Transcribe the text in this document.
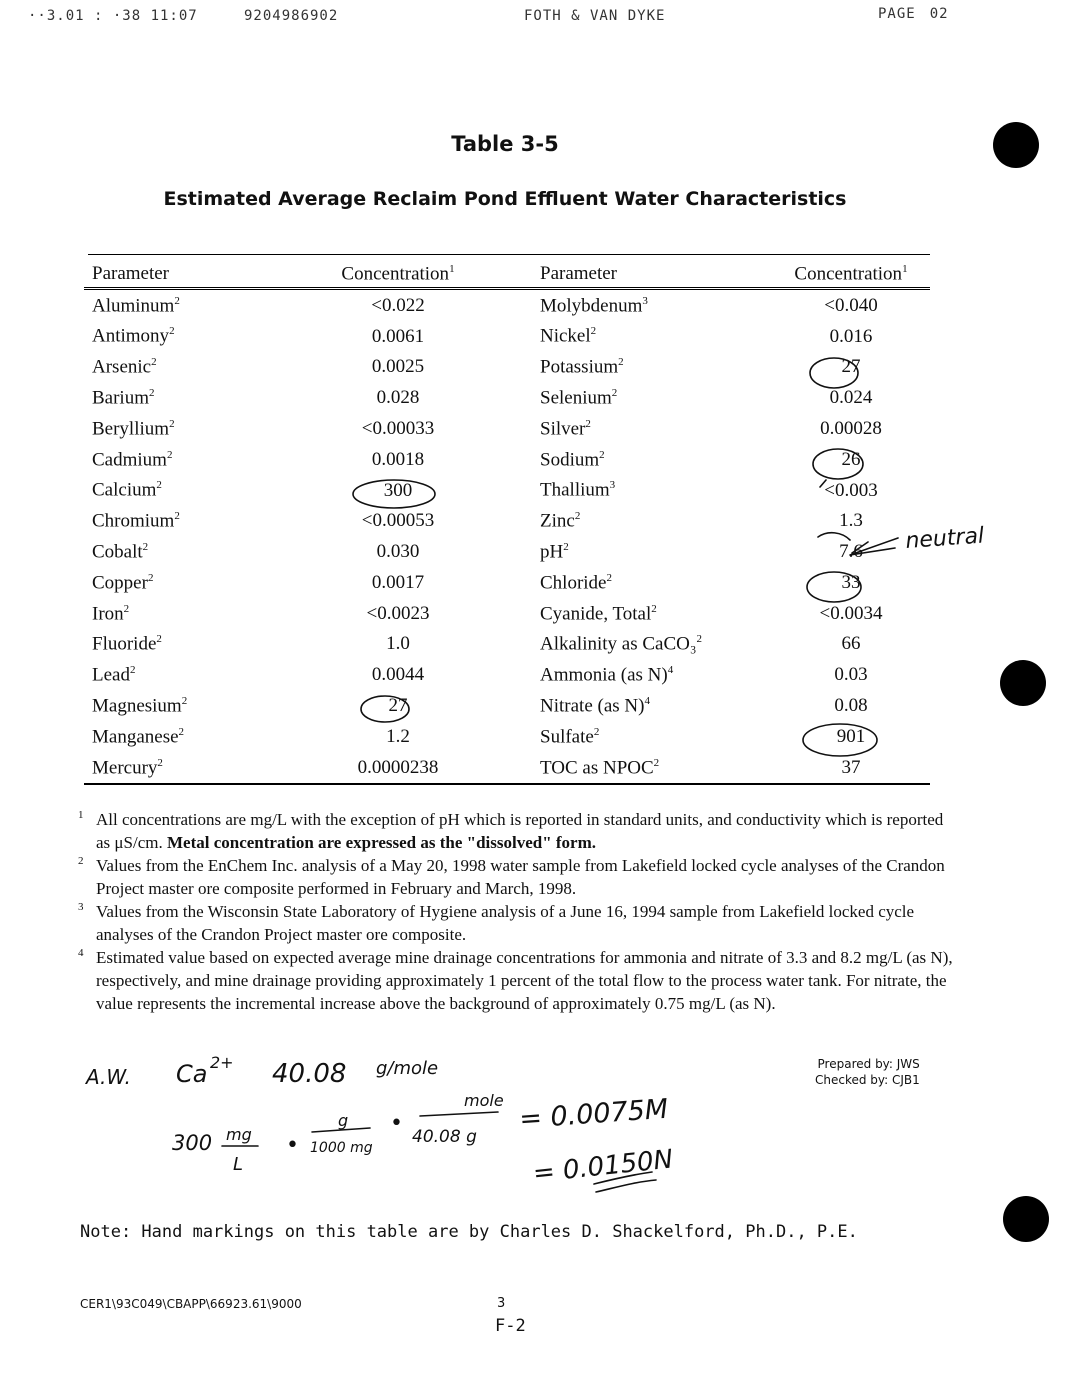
··3.01 : ·38 11:07	9204986902	FOTH & VAN DYKE	PAGE 02
Table 3-5
Estimated Average Reclaim Pond Effluent Water Characteristics
Parameter	Concentration$^1$	Parameter	Concentration$^1$
Aluminum$^2$	<0.022	Molybdenum$^3$	<0.040
Antimony$^2$	0.0061	Nickel$^2$	0.016
Arsenic$^2$	0.0025	Potassium$^2$	27
Barium$^2$	0.028	Selenium$^2$	0.024
Beryllium$^2$	<0.00033	Silver$^2$	0.00028
Cadmium$^2$	0.0018	Sodium$^2$	26
Calcium$^2$	300	Thallium$^3$	<0.003
Chromium$^2$	<0.00053	Zinc$^2$	1.3
Cobalt$^2$	0.030	$pH^2$	7.6
Copper$^2$	0.0017	Chloride$^2$	33
Iron$^2$	<0.0023	Cyanide, Total$^2$	<0.0034
Fluoride$^2$	1.0	Alkalinity as CaCO₃$^2$	66
Lead$^2$	0.0044	Ammonia (as N)$^4$	0.03
Magnesium$^2$	27	Nitrate (as N)$^4$	0.08
Manganese$^2$	1.2	Sulfate$^2$	901
Mercury$^2$	0.0000238	TOC as NPOC$^2$	37
neutral
1 All concentrations are mg/L with the exception of pH which is reported in standard units, and conductivity which is reported as μS/cm. Metal concentration are expressed as the "dissolved" form.
2 Values from the EnChem Inc. analysis of a May 20, 1998 water sample from Lakefield locked cycle analyses of the Crandon Project master ore composite performed in February and March, 1998.
3 Values from the Wisconsin State Laboratory of Hygiene analysis of a June 16, 1994 sample from Lakefield locked cycle analyses of the Crandon Project master ore composite.
4 Estimated value based on expected average mine drainage concentrations for ammonia and nitrate of 3.3 and 8.2 mg/L (as N), respectively, and mine drainage providing approximately 1 percent of the total flow to the process water tank. For nitrate, the value represents the incremental increase above the background of approximately 0.75 mg/L (as N).
Prepared by: JWS
Checked by: CJB1
A.W. Ca 2+ 40.08 g/mole
300 mg
L
•
g
1000 mg
•
mole
40.08 g
= 0.0075M
= 0.0150N
Note: Hand markings on this table are by Charles D. Shackelford, Ph.D., P.E.
CER1\93C049\CBAPP\66923.61\9000	3
F-2
